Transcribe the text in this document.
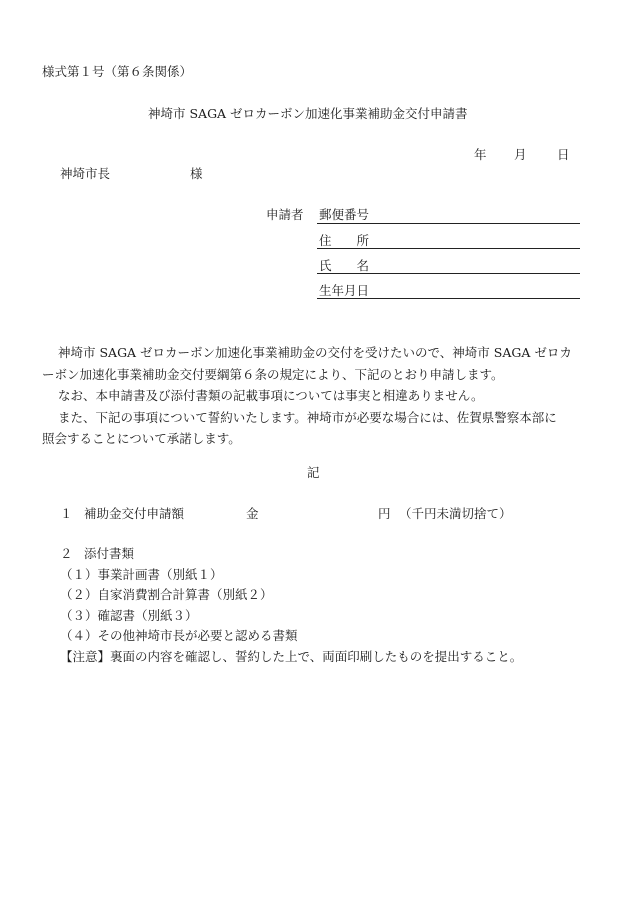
様式第１号（第６条関係）
神埼市 SAGA ゼロカーボン加速化事業補助金交付申請書
年 月 日
神埼市長	様
申請者 郵便番号
住　　所
氏　　名
生年月日

神埼市 SAGA ゼロカーボン加速化事業補助金の交付を受けたいので、神埼市 SAGA ゼロカ

ーボン加速化事業補助金交付要綱第６条の規定により、下記のとおり申請します。

なお、本申請書及び添付書類の記載事項については事実と相違ありません。

また、下記の事項について誓約いたします。神埼市が必要な場合には、佐賀県警察本部に

照会することについて承諾します。

記
１ 補助金交付申請額	金	円 （千円未満切捨て）
２ 添付書類
（１）事業計画書（別紙１）
（２）自家消費割合計算書（別紙２）
（３）確認書（別紙３）
（４）その他神埼市長が必要と認める書類
【注意】裏面の内容を確認し、誓約した上で、両面印刷したものを提出すること。
